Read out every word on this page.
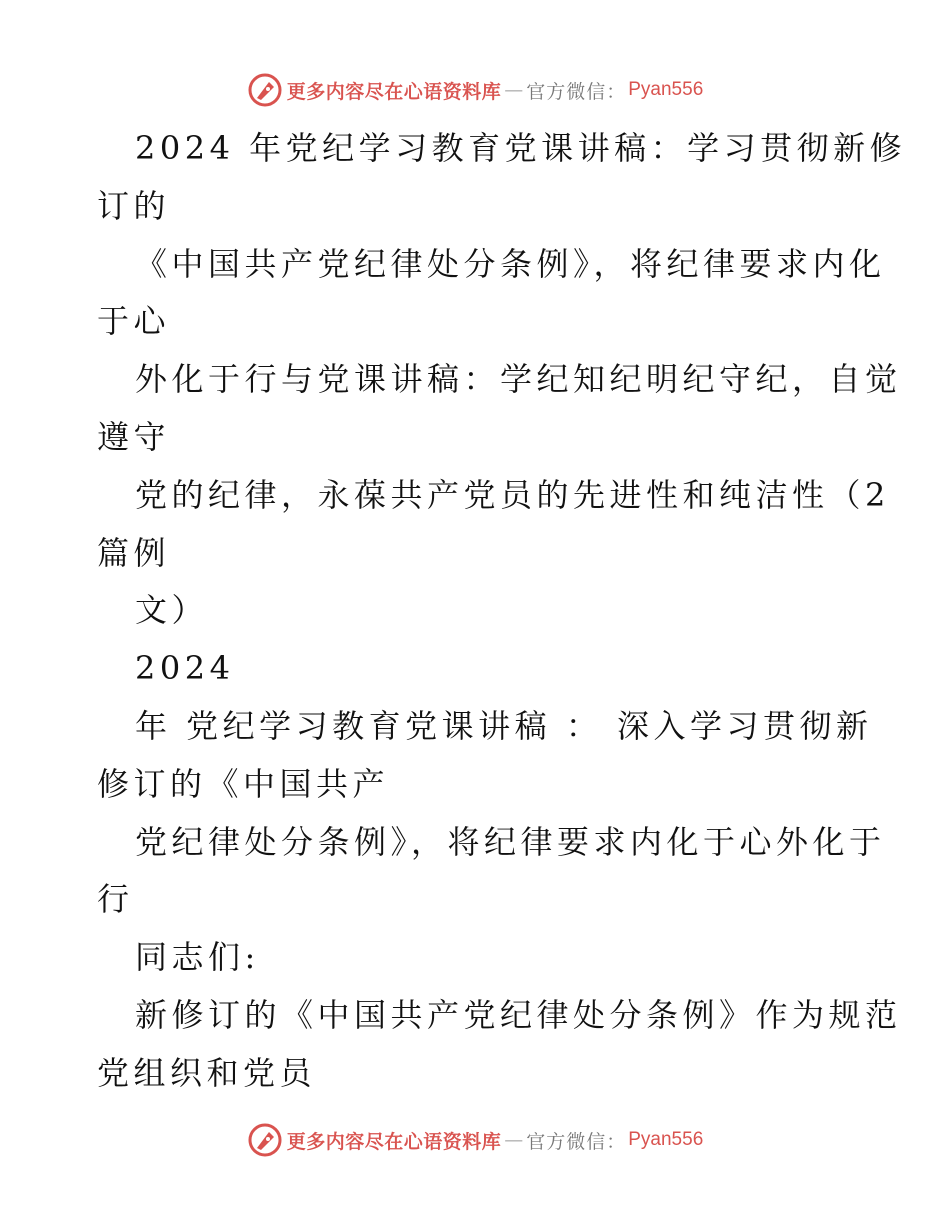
更多内容尽在心语资料库 — 官方微信： Pyan556
2024 年党纪学习教育党课讲稿：学习贯彻新修
订的
《中国共产党纪律处分条例》，将纪律要求内化
于心
外化于行与党课讲稿：学纪知纪明纪守纪，自觉
遵守
党的纪律，永葆共产党员的先进性和纯洁性（2
篇例
文）
2024
年 党纪学习教育党课讲稿 ： 深入学习贯彻新
修订的《中国共产
党纪律处分条例》，将纪律要求内化于心外化于
行
同志们:
新修订的《中国共产党纪律处分条例》作为规范
党组织和党员
更多内容尽在心语资料库 — 官方微信： Pyan556
